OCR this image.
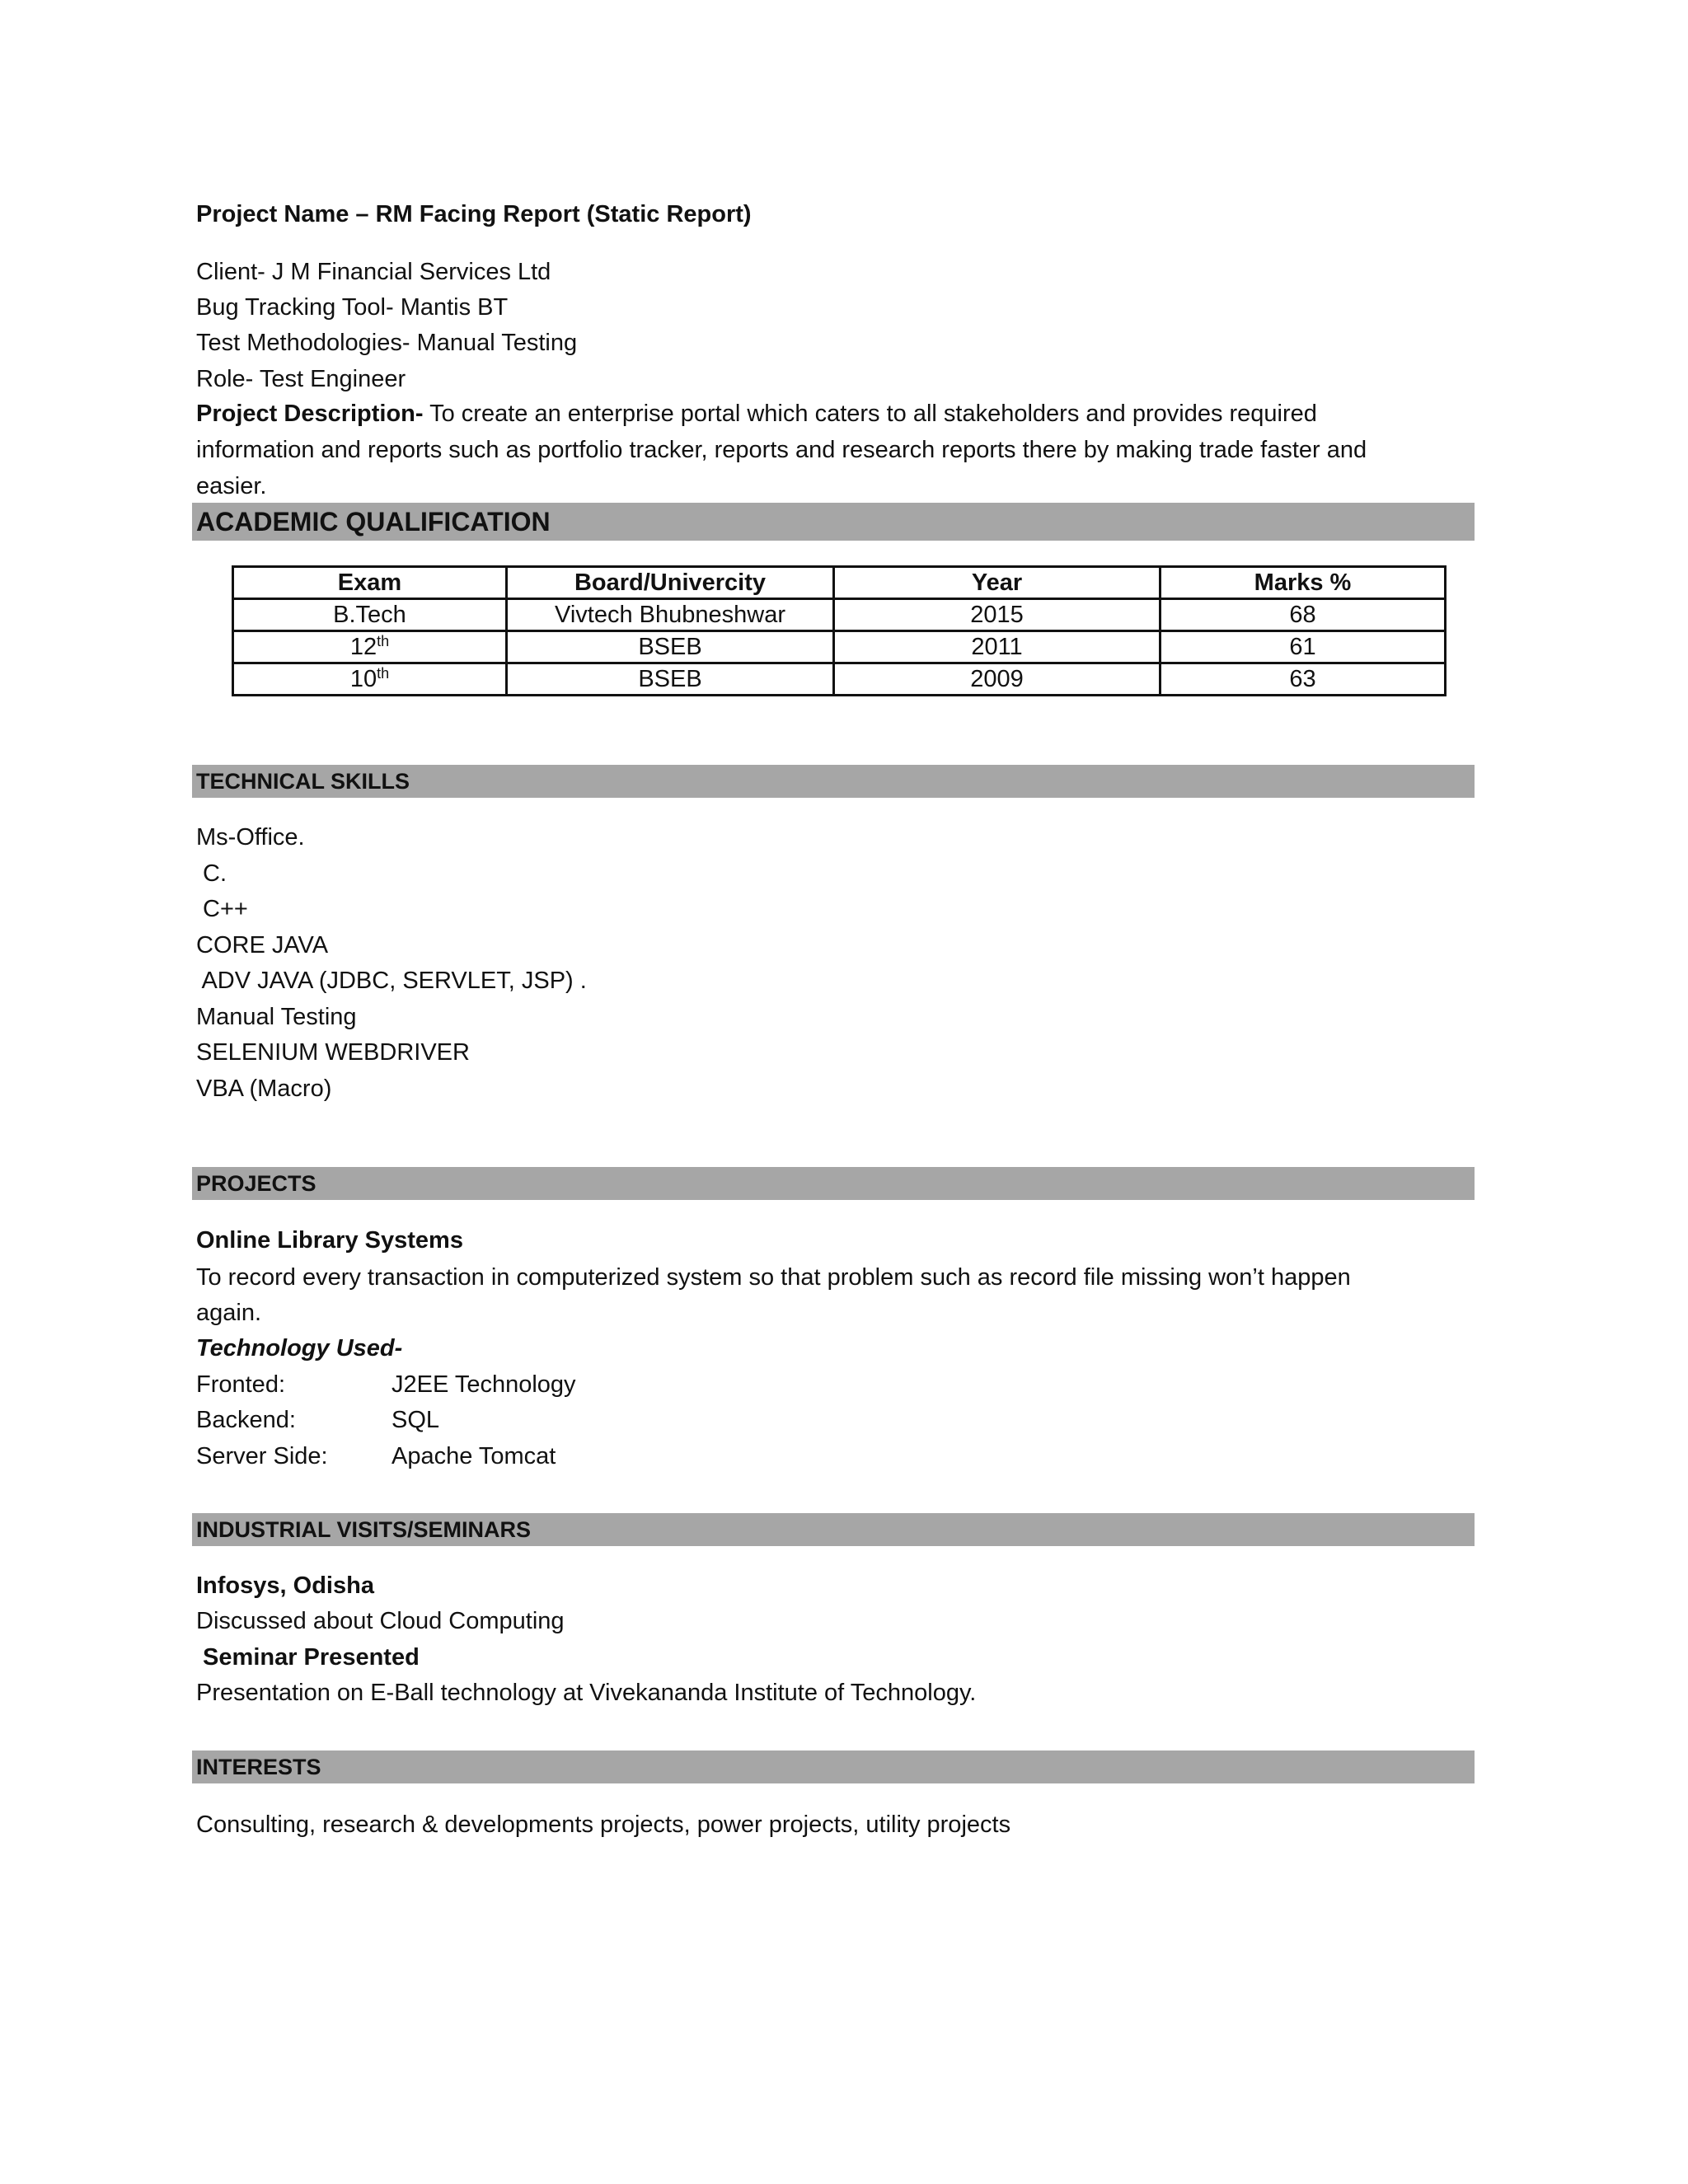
Project Name – RM Facing Report (Static Report)
Client- J M Financial Services Ltd
Bug Tracking Tool- Mantis BT
Test Methodologies- Manual Testing
Role- Test Engineer
Project Description- To create an enterprise portal which caters to all stakeholders and provides required
information and reports such as portfolio tracker, reports and research reports there by making trade faster and
easier.
ACADEMIC QUALIFICATION
Exam	Board/Univercity	Year	Marks %
B.Tech	Vivtech Bhubneshwar	2015	68
12th	BSEB	2011	61
10th	BSEB	2009	63
TECHNICAL SKILLS
Ms-Office.
C.
C++
CORE JAVA
ADV JAVA (JDBC, SERVLET, JSP) .
Manual Testing
SELENIUM WEBDRIVER
VBA (Macro)
PROJECTS
Online Library Systems
To record every transaction in computerized system so that problem such as record file missing won’t happen
again.
Technology Used-
Fronted:	J2EE Technology
Backend:	SQL
Server Side:	Apache Tomcat
INDUSTRIAL VISITS/SEMINARS
Infosys, Odisha
Discussed about Cloud Computing
Seminar Presented
Presentation on E-Ball technology at Vivekananda Institute of Technology.
INTERESTS
Consulting, research & developments projects, power projects, utility projects
